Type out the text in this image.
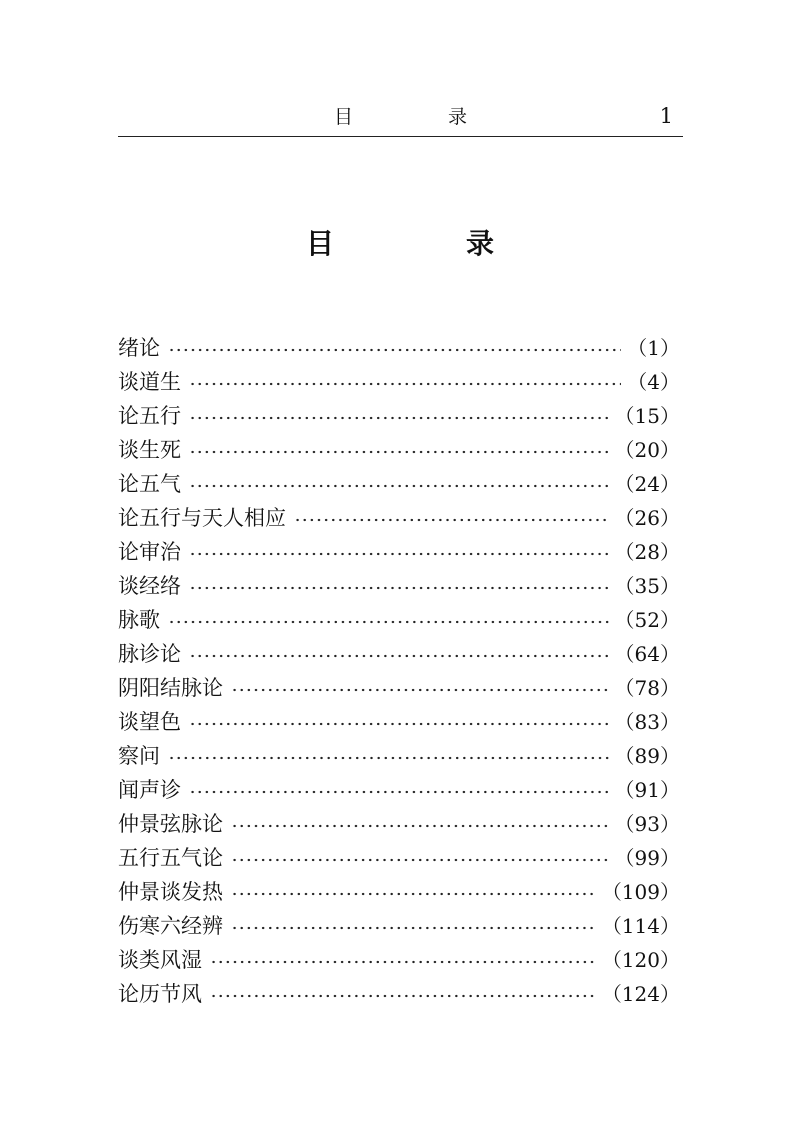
目　录	1
目　录
绪论	（1）
谈道生	（4）
论五行	（15）
谈生死	（20）
论五气	（24）
论五行与天人相应	（26）
论审治	（28）
谈经络	（35）
脉歌	（52）
脉诊论	（64）
阴阳结脉论	（78）
谈望色	（83）
察问	（89）
闻声诊	（91）
仲景弦脉论	（93）
五行五气论	（99）
仲景谈发热	（109）
伤寒六经辨	（114）
谈类风湿	（120）
论历节风	（124）
